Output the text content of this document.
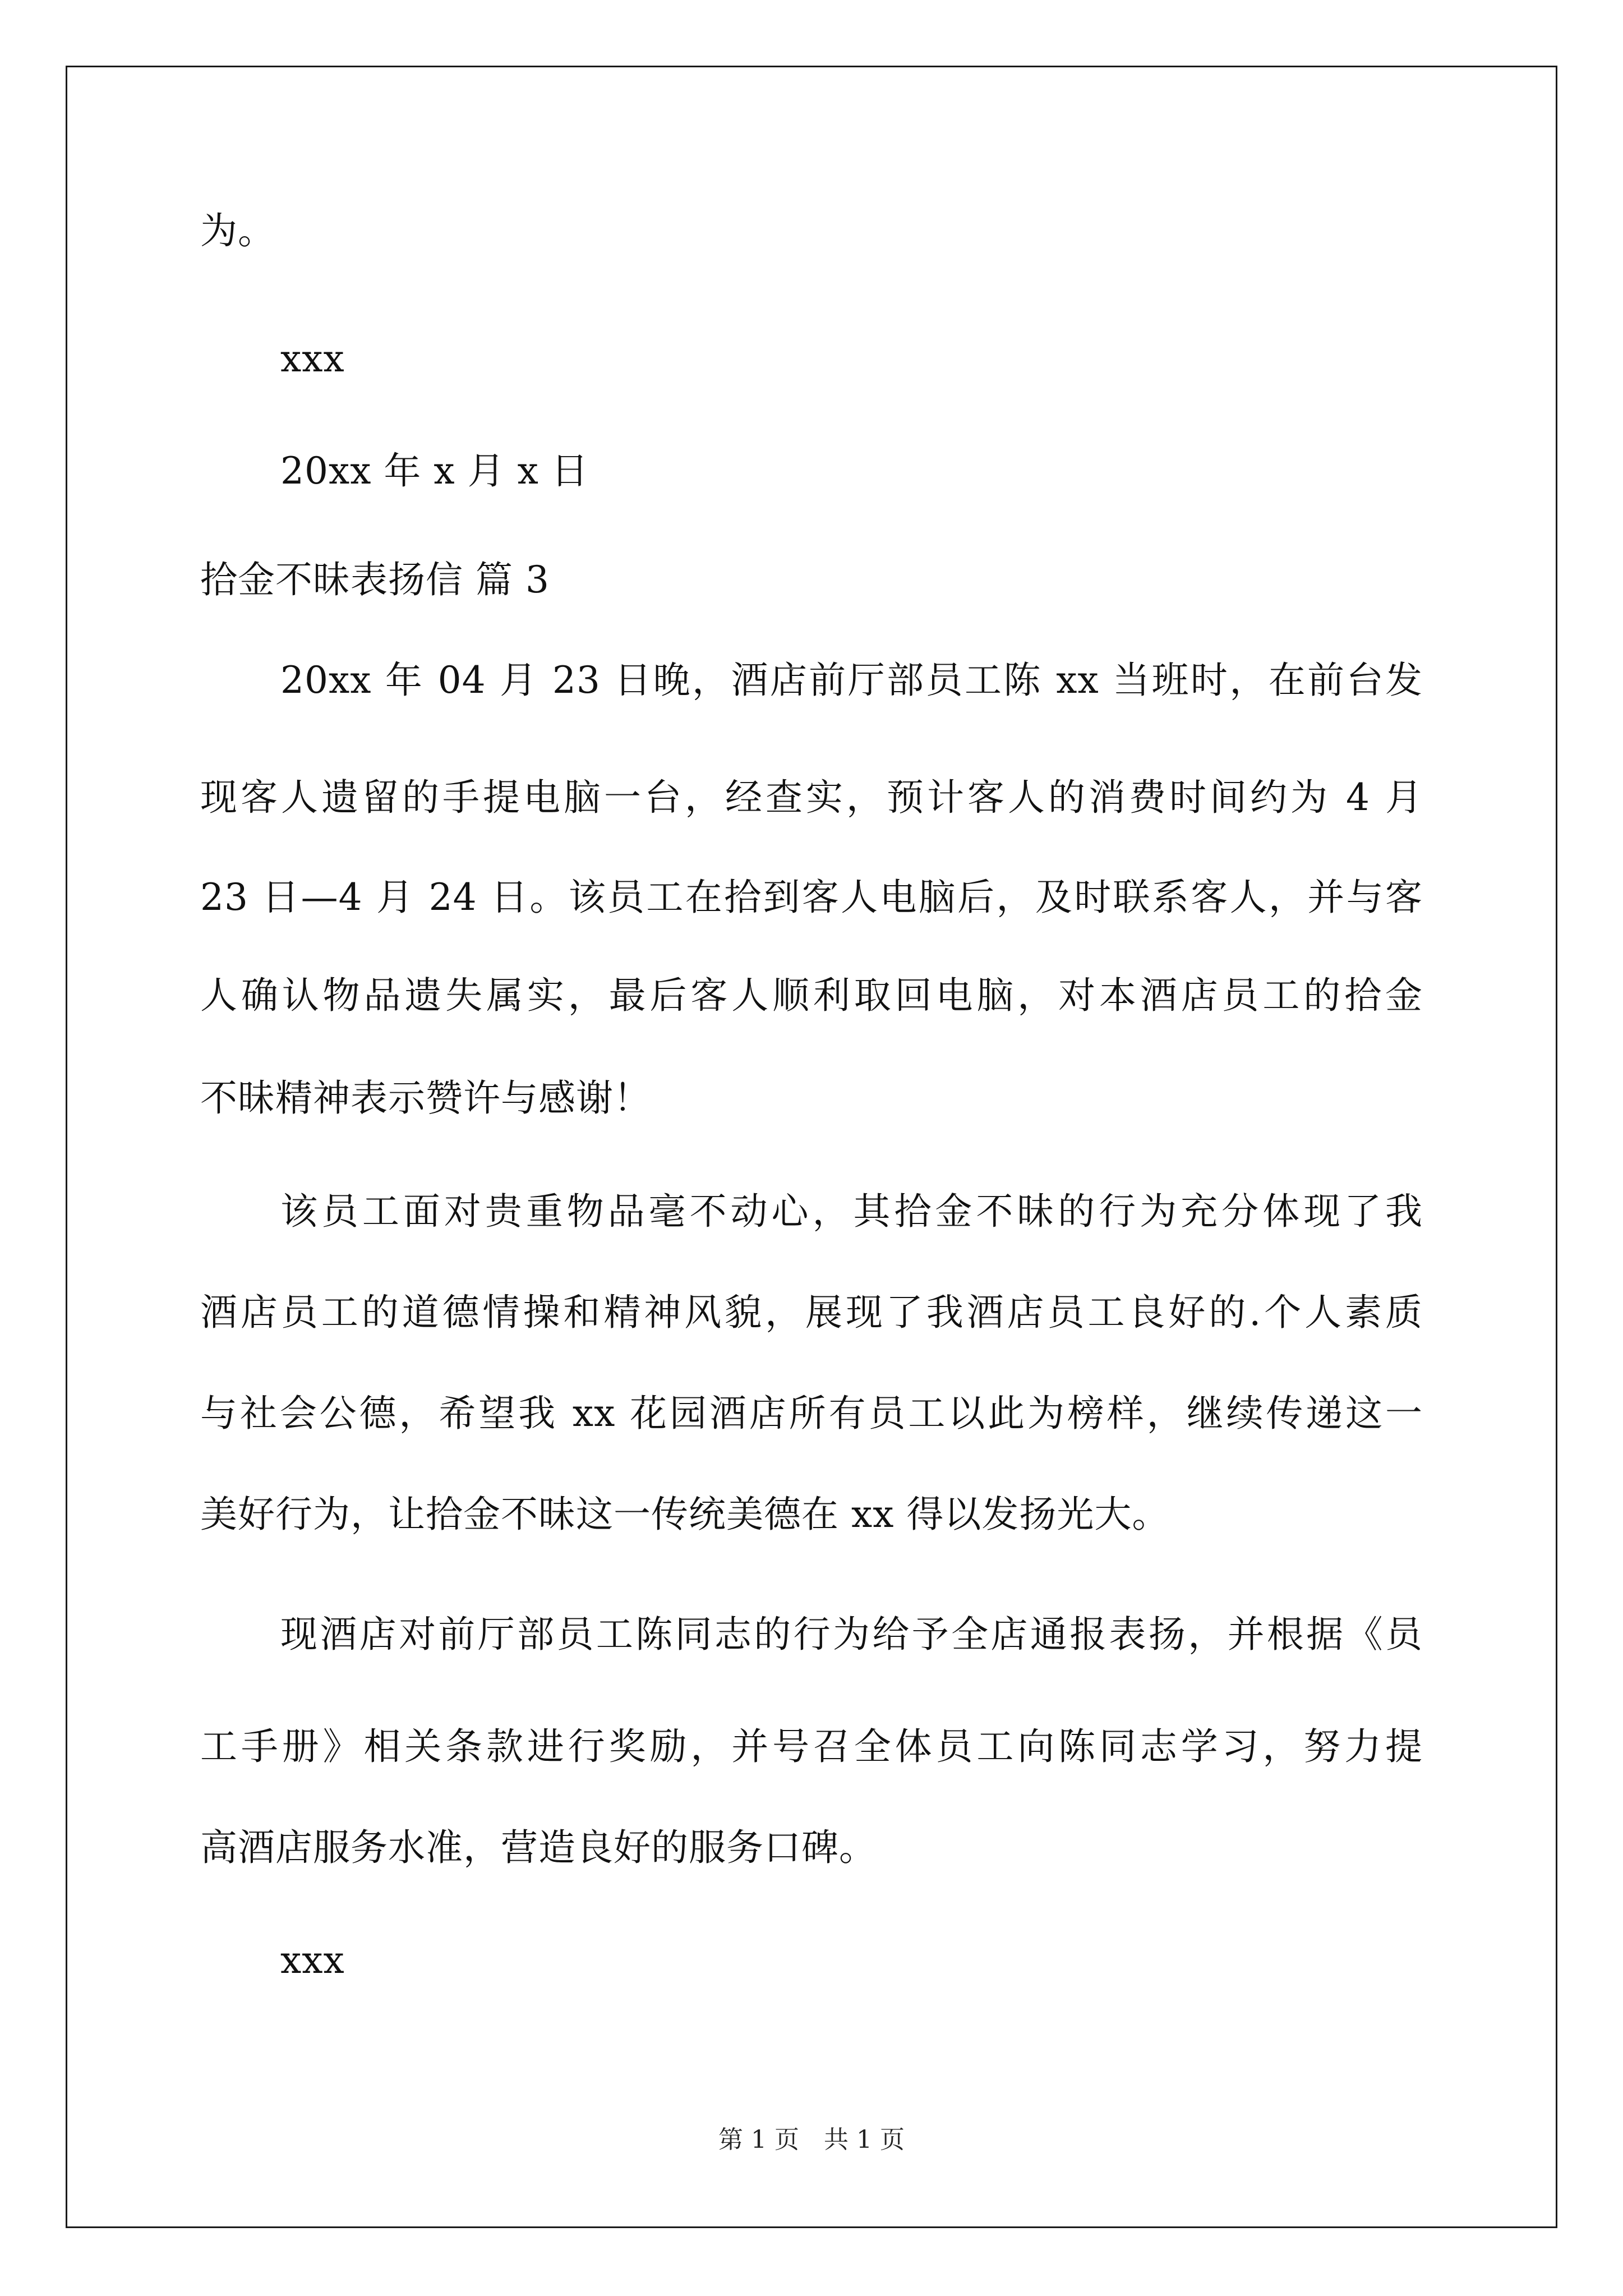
为。
xxx
20xx 年 x 月 x 日
拾金不昧表扬信 篇 3
20xx 年 04 月 23 日晚，酒店前厅部员工陈 xx 当班时，在前台发
现客人遗留的手提电脑一台，经查实，预计客人的消费时间约为 4 月
23 日—4 月 24 日。该员工在拾到客人电脑后，及时联系客人，并与客
人确认物品遗失属实，最后客人顺利取回电脑，对本酒店员工的拾金
不昧精神表示赞许与感谢！
该员工面对贵重物品毫不动心，其拾金不昧的行为充分体现了我
酒店员工的道德情操和精神风貌，展现了我酒店员工良好的.个人素质
与社会公德，希望我 xx 花园酒店所有员工以此为榜样，继续传递这一
美好行为，让拾金不昧这一传统美德在 xx 得以发扬光大。
现酒店对前厅部员工陈同志的行为给予全店通报表扬，并根据《员
工手册》相关条款进行奖励，并号召全体员工向陈同志学习，努力提
高酒店服务水准，营造良好的服务口碑。
xxx
第 1 页　共 1 页
